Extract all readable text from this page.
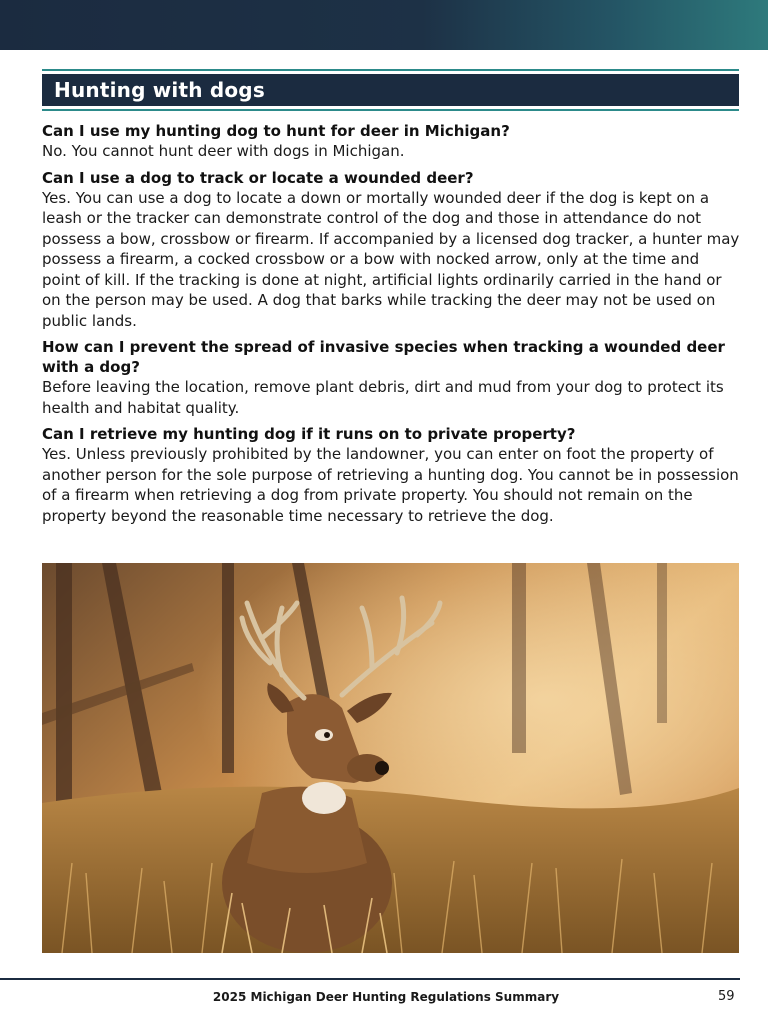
Hunting with dogs
Can I use my hunting dog to hunt for deer in Michigan?
No. You cannot hunt deer with dogs in Michigan.
Can I use a dog to track or locate a wounded deer?
Yes. You can use a dog to locate a down or mortally wounded deer if the dog is kept on a leash or the tracker can demonstrate control of the dog and those in attendance do not possess a bow, crossbow or firearm. If accompanied by a licensed dog tracker, a hunter may possess a firearm, a cocked crossbow or a bow with nocked arrow, only at the time and point of kill. If the tracking is done at night, artificial lights ordinarily carried in the hand or on the person may be used. A dog that barks while tracking the deer may not be used on public lands.
How can I prevent the spread of invasive species when tracking a wounded deer with a dog?
Before leaving the location, remove plant debris, dirt and mud from your dog to protect its health and habitat quality.
Can I retrieve my hunting dog if it runs on to private property?
Yes. Unless previously prohibited by the landowner, you can enter on foot the property of another person for the sole purpose of retrieving a hunting dog. You cannot be in possession of a firearm when retrieving a dog from private property. You should not remain on the property beyond the reasonable time necessary to retrieve the dog.
2025 Michigan Deer Hunting Regulations Summary	59
